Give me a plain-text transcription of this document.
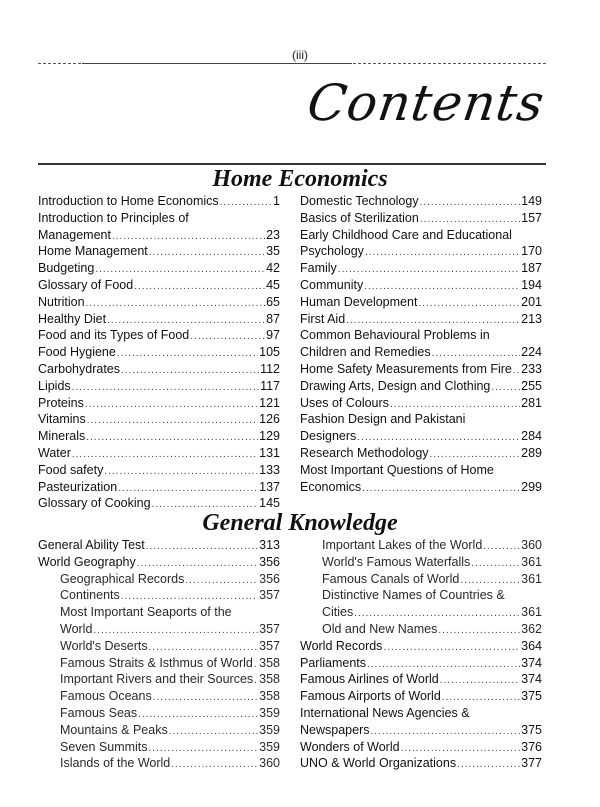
(iii)
Contents
Home Economics
Introduction to Home Economics .....	1
Introduction to Principles of
Management .....	23
Home Management .....	35
Budgeting .....	42
Glossary of Food .....	45
Nutrition .....	65
Healthy Diet .....	87
Food and its Types of Food .....	97
Food Hygiene .....	105
Carbohydrates .....	112
Lipids .....	117
Proteins .....	121
Vitamins .....	126
Minerals .....	129
Water .....	131
Food safety .....	133
Pasteurization .....	137
Glossary of Cooking .....	145
Domestic Technology .....	149
Basics of Sterilization .....	157
Early Childhood Care and Educational
Psychology .....	170
Family .....	187
Community .....	194
Human Development .....	201
First Aid .....	213
Common Behavioural Problems in
Children and Remedies .....	224
Home Safety Measurements from Fire ..... 233
Drawing Arts, Design and Clothing ..... 255
Uses of Colours .....	281
Fashion Design and Pakistani
Designers .....	284
Research Methodology .....	289
Most Important Questions of Home
Economics .....	299
General Knowledge
General Ability Test .....	313
World Geography .....	356
Geographical Records .....	356
Continents .....	357
Most Important Seaports of the
World .....	357
World's Deserts .....	357
Famous Straits & Isthmus of World ..... 358
Important Rivers and their Sources ..... 358
Famous Oceans .....	358
Famous Seas .....	359
Mountains & Peaks .....	359
Seven Summits .....	359
Islands of the World .....	360
Important Lakes of the World .....	360
World's Famous Waterfalls .....	361
Famous Canals of World .....	361
Distinctive Names of Countries &
Cities .....	361
Old and New Names .....	362
World Records .....	364
Parliaments .....	374
Famous Airlines of World .....	374
Famous Airports of World .....	375
International News Agencies &
Newspapers .....	375
Wonders of World .....	376
UNO & World Organizations .....	377
